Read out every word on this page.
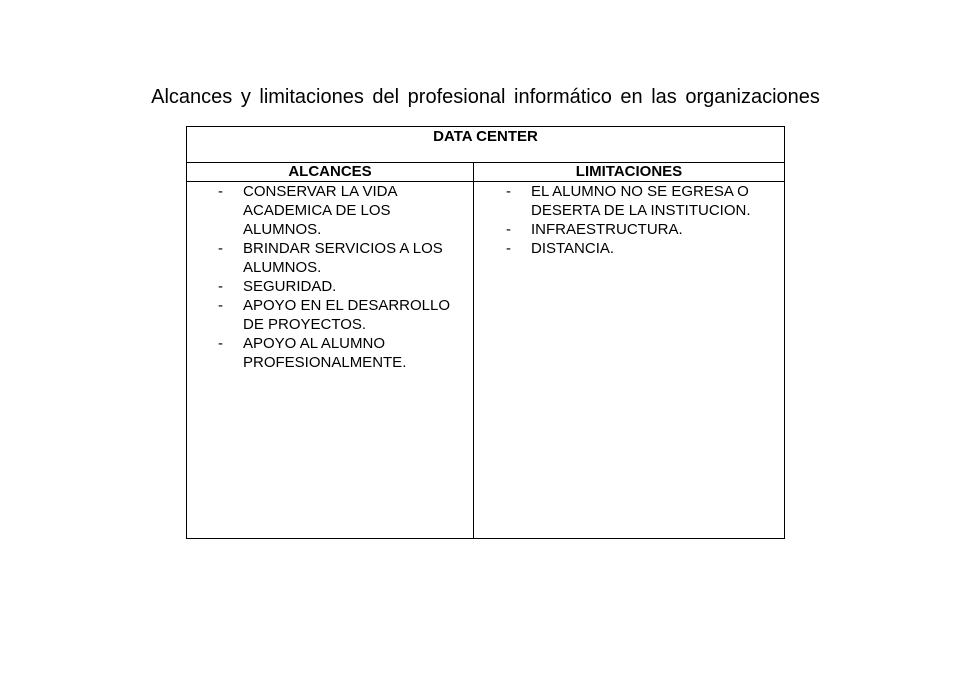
Alcances y limitaciones del profesional informático en las organizaciones
DATA CENTER
ALCANCES
- CONSERVAR LA VIDA ACADEMICA DE LOS ALUMNOS.
- BRINDAR SERVICIOS A LOS ALUMNOS.
- SEGURIDAD.
- APOYO EN EL DESARROLLO DE PROYECTOS.
- APOYO AL ALUMNO PROFESIONALMENTE.
LIMITACIONES
- EL ALUMNO NO SE EGRESA O DESERTA DE LA INSTITUCION.
- INFRAESTRUCTURA.
- DISTANCIA.
